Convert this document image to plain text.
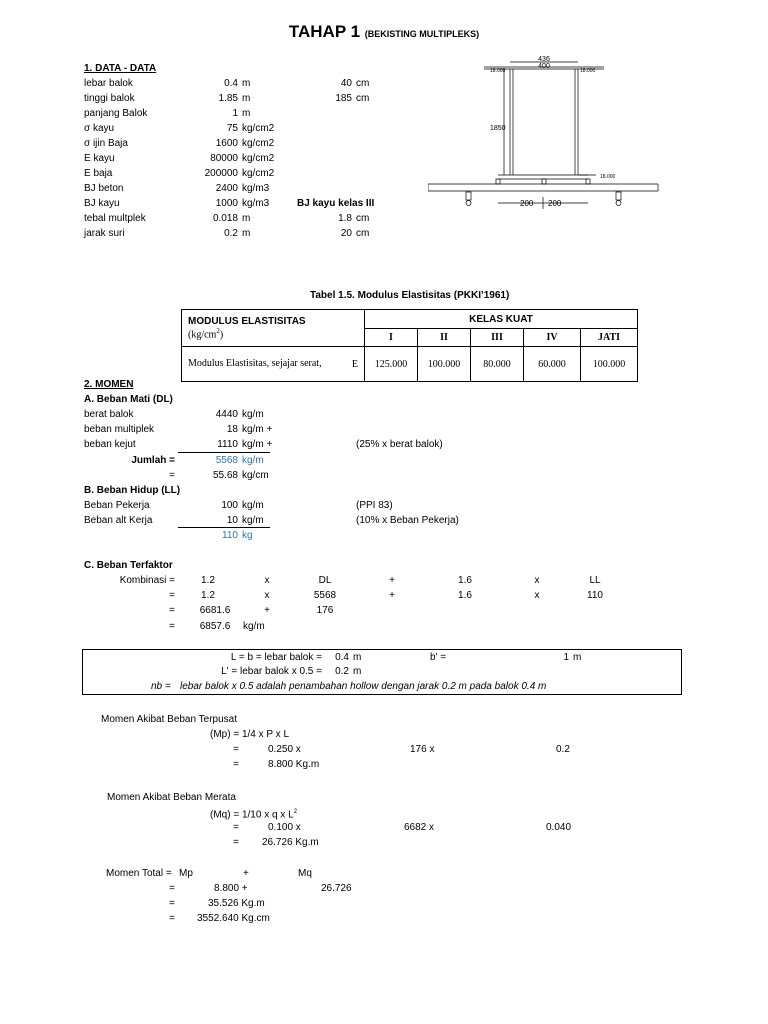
TAHAP 1 (BEKISTING MULTIPLEKS)
1. DATA - DATA
lebar balok	0.4 m	40 cm
tinggi balok	1.85 m	185 cm
panjang Balok	1 m
σ kayu	75 kg/cm2
σ ijin Baja	1600 kg/cm2
E kayu	80000 kg/cm2
E baja	200000 kg/cm2
BJ beton	2400 kg/m3
BJ kayu	1000 kg/m3	BJ kayu kelas III
tebal multplek	0.018 m	1.8 cm
jarak suri	0.2 m	20 cm
436
400
18.000	18.000
1850
18.000
200 200
Tabel 1.5. Modulus Elastisitas (PKKI’1961)
MODULUS ELASTISITAS
$(kg/cm^2)$	KELAS KUAT				
	I	II	III	IV	JATI

Modulus Elastisitas, sejajar serat, E	125.000	100.000	80.000	60.000	100.000
2. MOMEN
A. Beban Mati (DL)
berat balok	4440 kg/m
beban multiplek	18 kg/m +
beban kejut	1110 kg/m +	(25% x berat balok)
Jumlah =	5568 kg/m
=	55.68 kg/cm
B. Beban Hidup (LL)
Beban Pekerja	100 kg/m	(PPI 83)
Beban alt Kerja	10 kg/m	(10% x Beban Pekerja)
110 kg
C. Beban Terfaktor
Kombinasi =	1.2	x	DL	+	1.6	x	LL
=	1.2	x	5568	+	1.6	x	110
=	6681.6	+	176
=	6857.6	kg/m
L = b = lebar balok =	0.4 m	b' =	1 m
L' = lebar balok x 0.5 =	0.2 m
nb = lebar balok x 0.5 adalah penambahan hollow dengan jarak 0.2 m pada balok 0.4 m
Momen Akibat Beban Terpusat
(Mp) = 1/4 x P x L
=	0.250 x	176 x	0.2
=	8.800 Kg.m
Momen Akibat Beban Merata
(Mq) = 1/10 x q x $L^2$
=	0.100 x	6682 x	0.040
= 26.726 Kg.m
Momen Total = Mp	+	Mq
=	8.800 +	26.726
=	35.526 Kg.m
= 3552.640 Kg.cm
